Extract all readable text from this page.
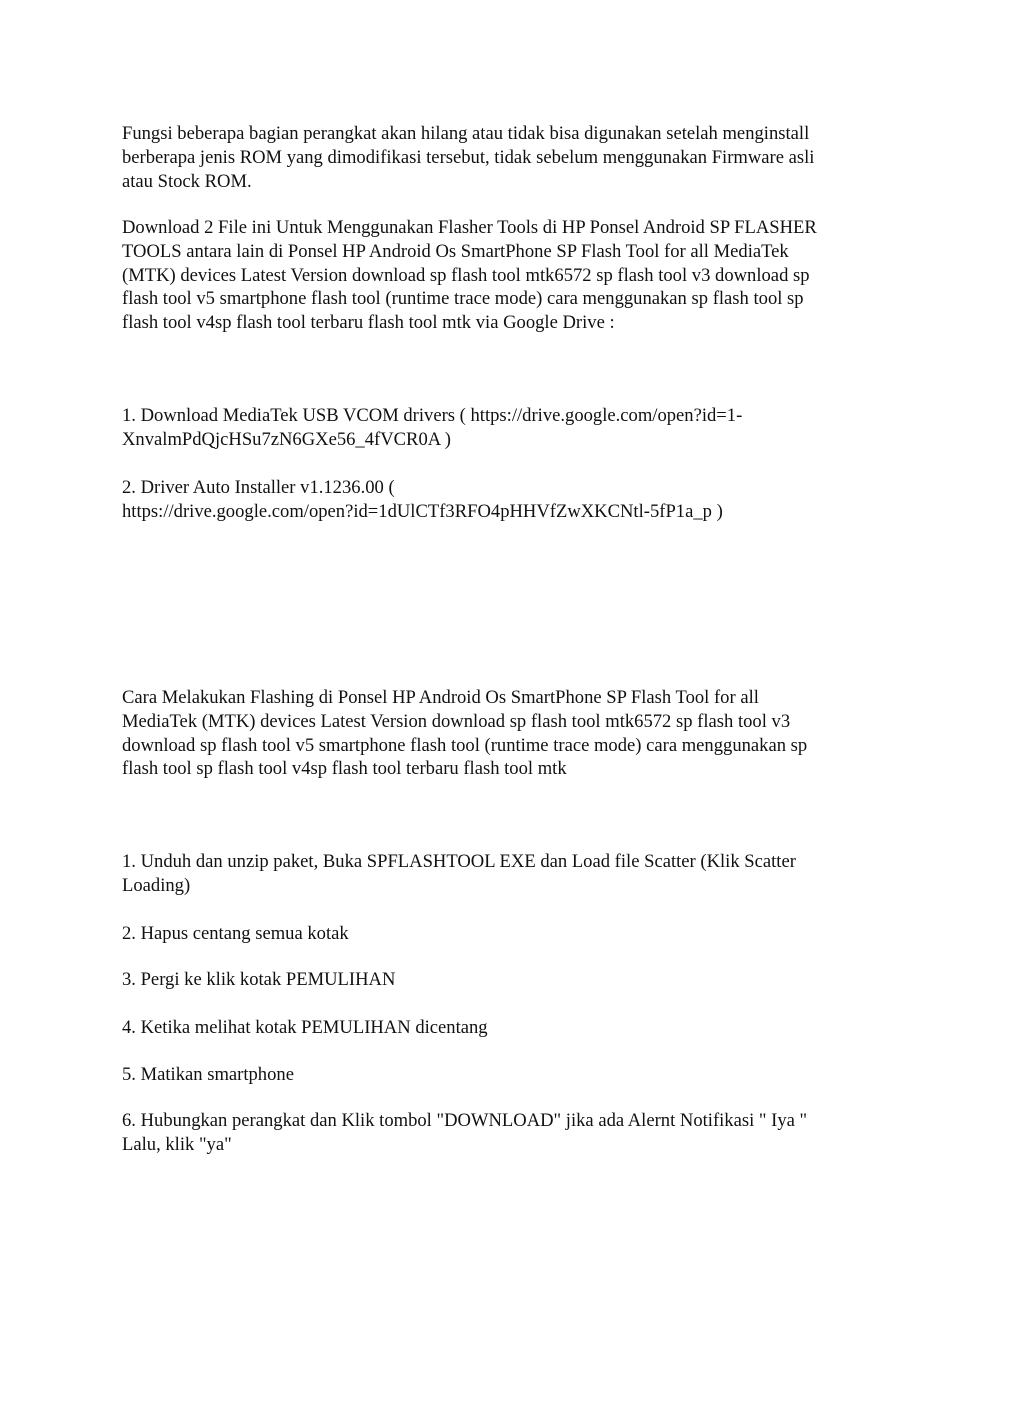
Fungsi beberapa bagian perangkat akan hilang atau tidak bisa digunakan setelah menginstall
berberapa jenis ROM yang dimodifikasi tersebut, tidak sebelum menggunakan Firmware asli
atau Stock ROM.

Download 2 File ini Untuk Menggunakan Flasher Tools di HP Ponsel Android SP FLASHER
TOOLS antara lain di Ponsel HP Android Os SmartPhone SP Flash Tool for all MediaTek
(MTK) devices Latest Version download sp flash tool mtk6572 sp flash tool v3 download sp
flash tool v5 smartphone flash tool (runtime trace mode) cara menggunakan sp flash tool sp
flash tool v4sp flash tool terbaru flash tool mtk via Google Drive :

1. Download MediaTek USB VCOM drivers ( https://drive.google.com/open?id=1-
XnvalmPdQjcHSu7zN6GXe56_4fVCR0A )

2. Driver Auto Installer v1.1236.00 (
https://drive.google.com/open?id=1dUlCTf3RFO4pHHVfZwXKCNtl-5fP1a_p )

Cara Melakukan Flashing di Ponsel HP Android Os SmartPhone SP Flash Tool for all
MediaTek (MTK) devices Latest Version download sp flash tool mtk6572 sp flash tool v3
download sp flash tool v5 smartphone flash tool (runtime trace mode) cara menggunakan sp
flash tool sp flash tool v4sp flash tool terbaru flash tool mtk

1. Unduh dan unzip paket, Buka SPFLASHTOOL EXE dan Load file Scatter (Klik Scatter
Loading)

2. Hapus centang semua kotak

3. Pergi ke klik kotak PEMULIHAN

4. Ketika melihat kotak PEMULIHAN dicentang

5. Matikan smartphone

6. Hubungkan perangkat dan Klik tombol "DOWNLOAD" jika ada Alernt Notifikasi " Iya "
Lalu, klik "ya"
